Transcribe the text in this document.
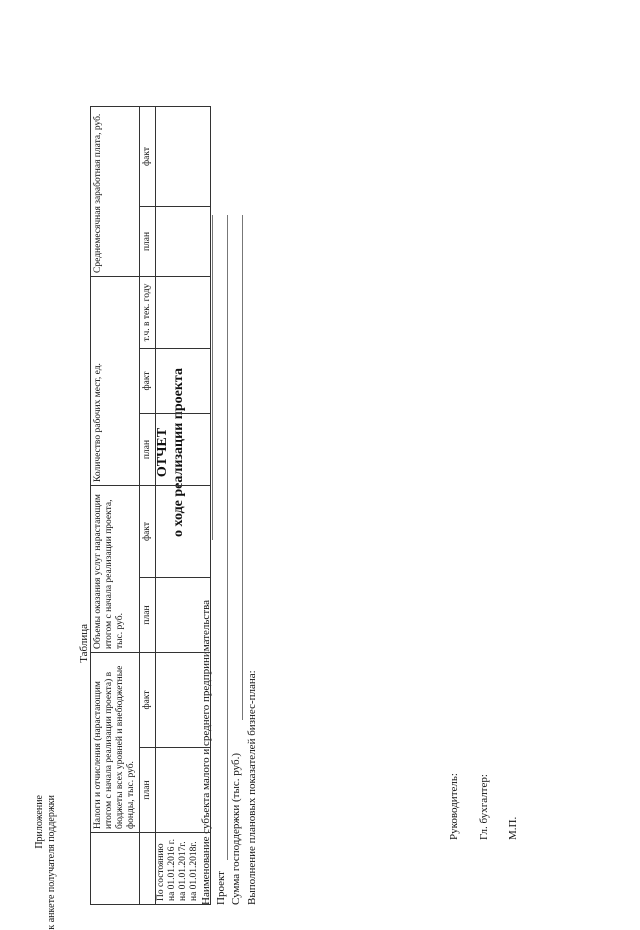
Приложение к анкете получателя поддержки
ОТЧЕТ о ходе реализации проекта
Наименование субъекта малого и среднего предпринимательства Проект Сумма господдержки (тыс. руб.) Выполнение плановых показателей бизнес-плана:
Таблица
	Налоги и отчисления (нарастающим итогом с начала реализации проекта) в бюджеты всех уровней и внебюджетные фонды, тыс. руб.		Объемы оказания услуг нарастающим итогом с начала реализации проекта, тыс. руб.		Количество рабочих мест, ед.			Среднемесячная заработная плата, руб.	
	план	факт	план	факт	план	факт	т.ч. в тек. году	план	факт

По состоянию на 01.01.2016 г. на 01.01.2017г. на 01.01.2018г.									

Руководитель: Гл. бухгалтер: М.П.
